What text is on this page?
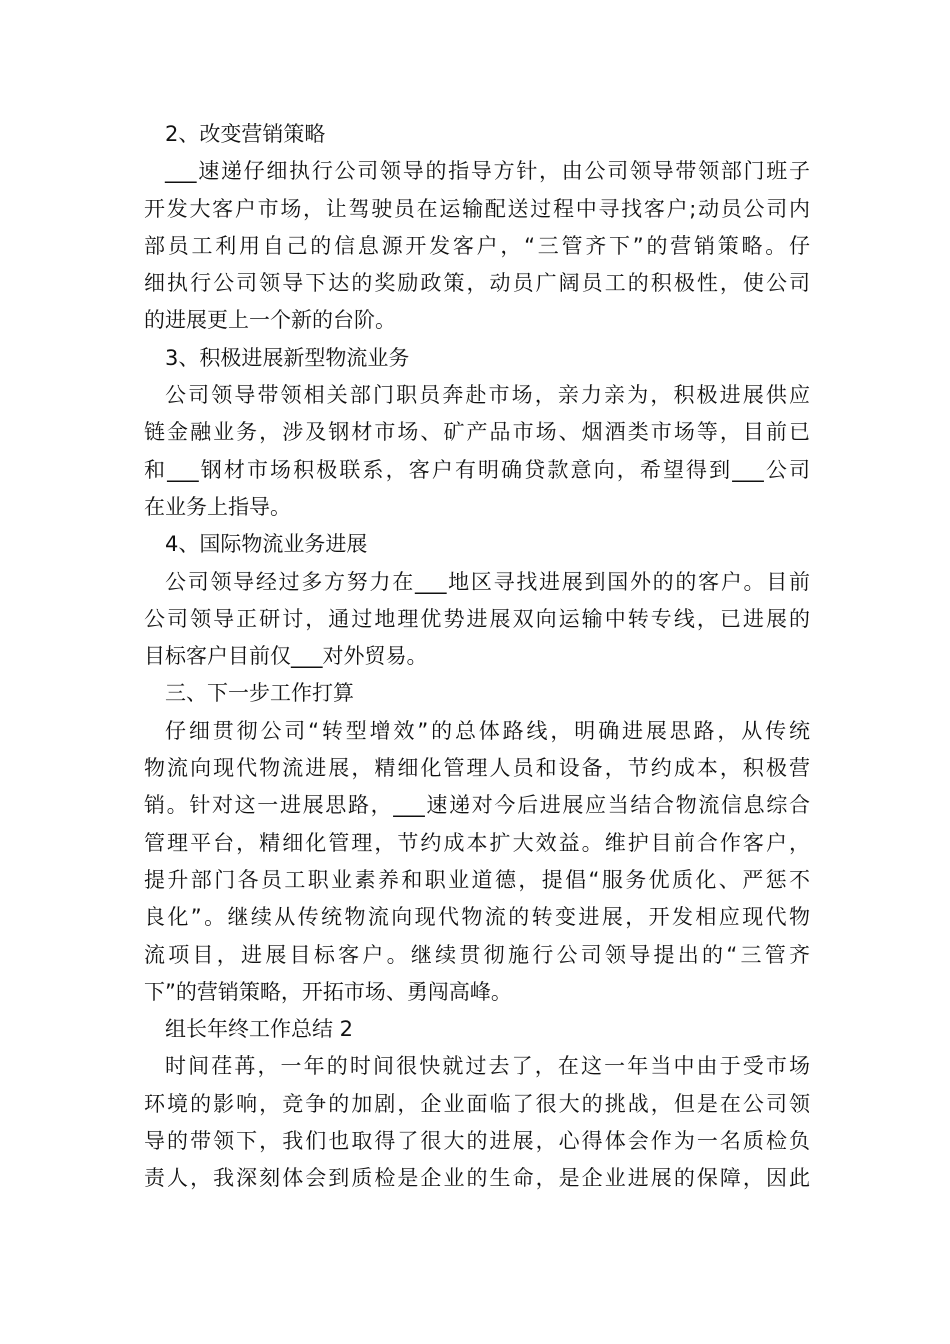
2、改变营销策略
___速递仔细执行公司领导的指导方针，由公司领导带领部门班子
开发大客户市场，让驾驶员在运输配送过程中寻找客户;动员公司内
部员工利用自己的信息源开发客户，“三管齐下”的营销策略。仔
细执行公司领导下达的奖励政策，动员广阔员工的积极性，使公司
的进展更上一个新的台阶。
3、积极进展新型物流业务
公司领导带领相关部门职员奔赴市场，亲力亲为，积极进展供应
链金融业务，涉及钢材市场、矿产品市场、烟酒类市场等，目前已
和___钢材市场积极联系，客户有明确贷款意向，希望得到___公司
在业务上指导。
4、国际物流业务进展
公司领导经过多方努力在___地区寻找进展到国外的的客户。目前
公司领导正研讨，通过地理优势进展双向运输中转专线，已进展的
目标客户目前仅___对外贸易。
三、下一步工作打算
仔细贯彻公司“转型增效”的总体路线，明确进展思路，从传统
物流向现代物流进展，精细化管理人员和设备，节约成本，积极营
销。针对这一进展思路，___速递对今后进展应当结合物流信息综合
管理平台，精细化管理，节约成本扩大效益。维护目前合作客户，
提升部门各员工职业素养和职业道德，提倡“服务优质化、严惩不
良化”。继续从传统物流向现代物流的转变进展，开发相应现代物
流项目，进展目标客户。继续贯彻施行公司领导提出的“三管齐
下”的营销策略，开拓市场、勇闯高峰。
组长年终工作总结 2
时间荏苒，一年的时间很快就过去了，在这一年当中由于受市场
环境的影响，竞争的加剧，企业面临了很大的挑战，但是在公司领
导的带领下，我们也取得了很大的进展，心得体会作为一名质检负
责人，我深刻体会到质检是企业的生命，是企业进展的保障，因此
